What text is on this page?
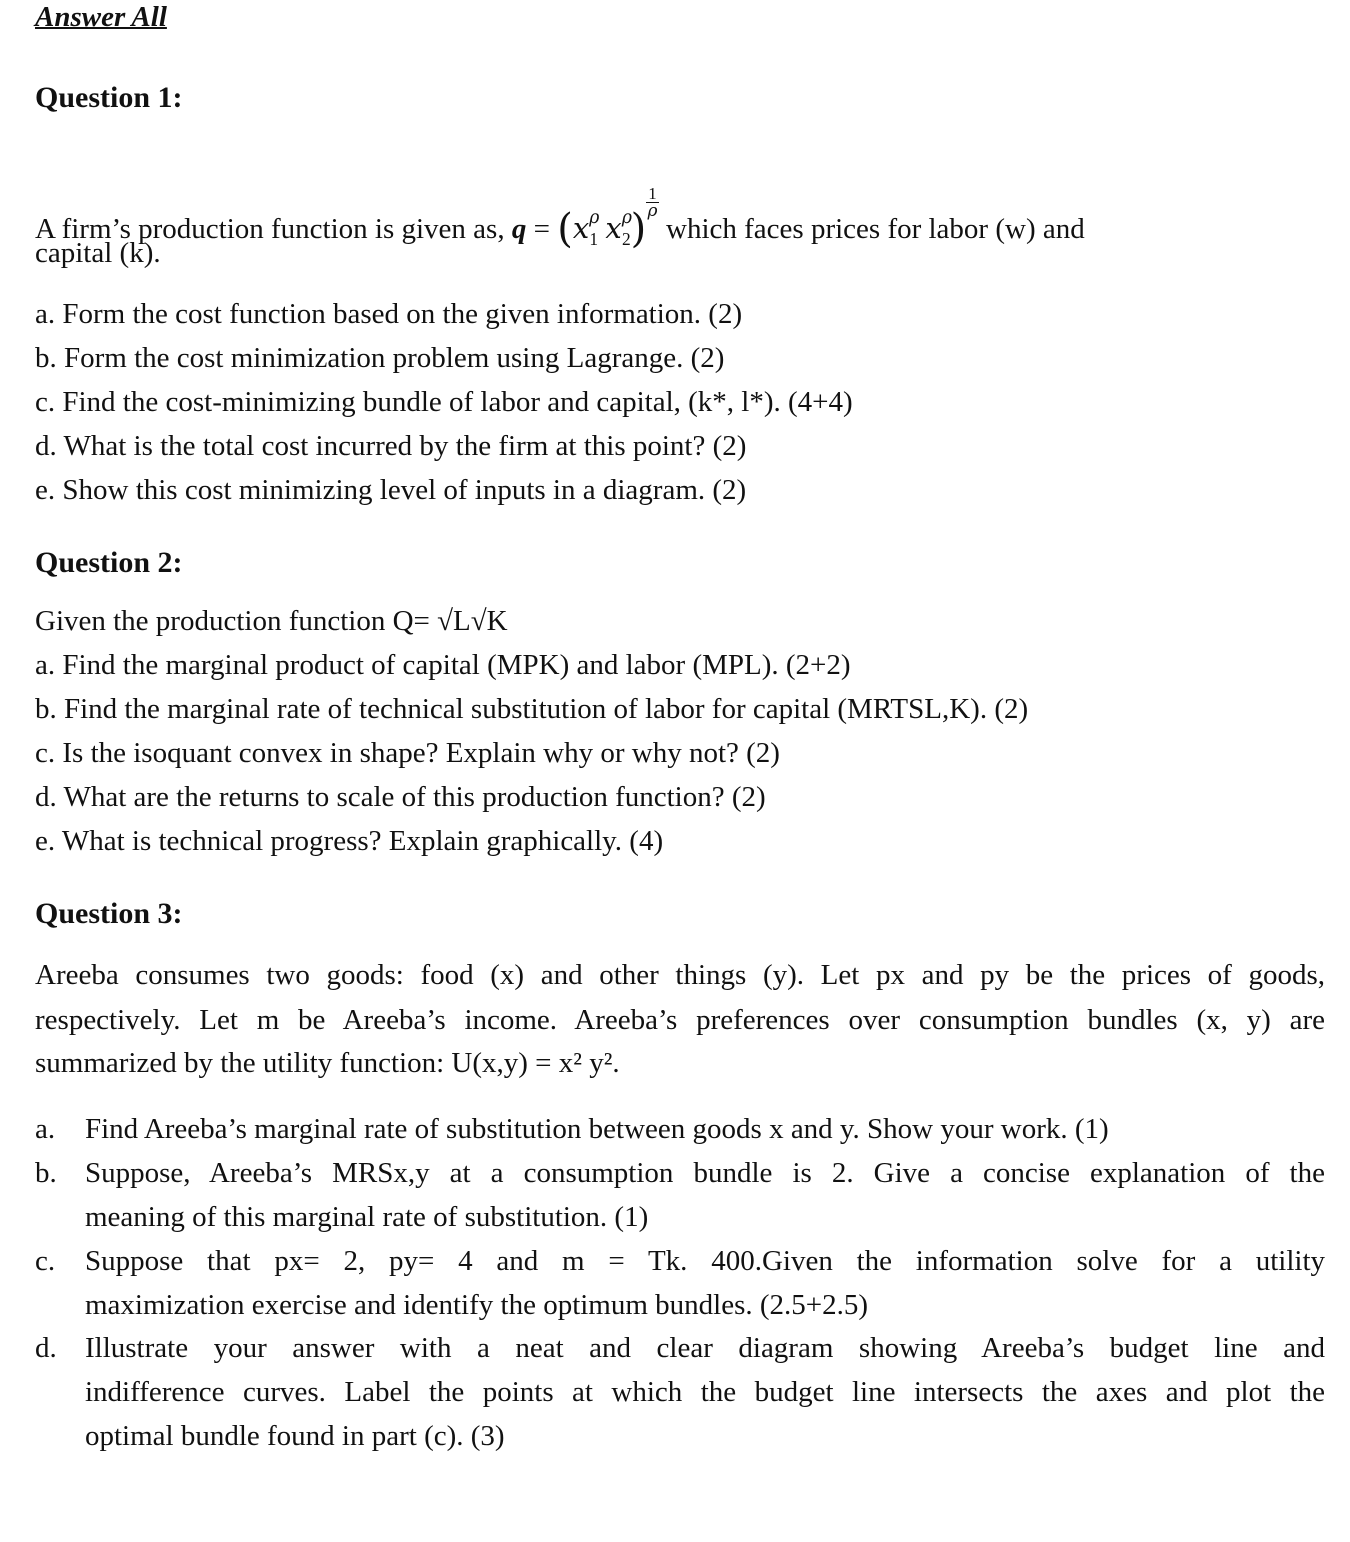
Answer All
Question 1:
A firm’s production function is given as, $q = (x_{\rho 1}$ $x_{\rho 2}$)
$\frac{1}{\rho}$
which faces prices for labor (w) and
capital (k).
a. Form the cost function based on the given information. (2)
b. Form the cost minimization problem using Lagrange. (2)
c. Find the cost-minimizing bundle of labor and capital, (k*, l*). (4+4)
d. What is the total cost incurred by the firm at this point? (2)
e. Show this cost minimizing level of inputs in a diagram. (2)
Question 2:
Given the production function Q= √L√K
a. Find the marginal product of capital (MPK) and labor (MPL). (2+2)
b. Find the marginal rate of technical substitution of labor for capital (MRTSL,K). (2)
c. Is the isoquant convex in shape? Explain why or why not? (2)
d. What are the returns to scale of this production function? (2)
e. What is technical progress? Explain graphically. (4)
Question 3:
Areeba consumes two goods: food (x) and other things (y). Let px and py be the prices of goods,
respectively. Let m be Areeba’s income. Areeba’s preferences over consumption bundles (x, y) are
summarized by the utility function: U(x,y) = x² y².
a. Find Areeba’s marginal rate of substitution between goods x and y. Show your work. (1)
b. Suppose, Areeba’s MRSx,y at a consumption bundle is 2. Give a concise explanation of the
meaning of this marginal rate of substitution. (1)
c. Suppose that px= 2, py= 4 and m = Tk. 400.Given the information solve for a utility
maximization exercise and identify the optimum bundles. (2.5+2.5)
d. Illustrate your answer with a neat and clear diagram showing Areeba’s budget line and
indifference curves. Label the points at which the budget line intersects the axes and plot the
optimal bundle found in part (c). (3)
